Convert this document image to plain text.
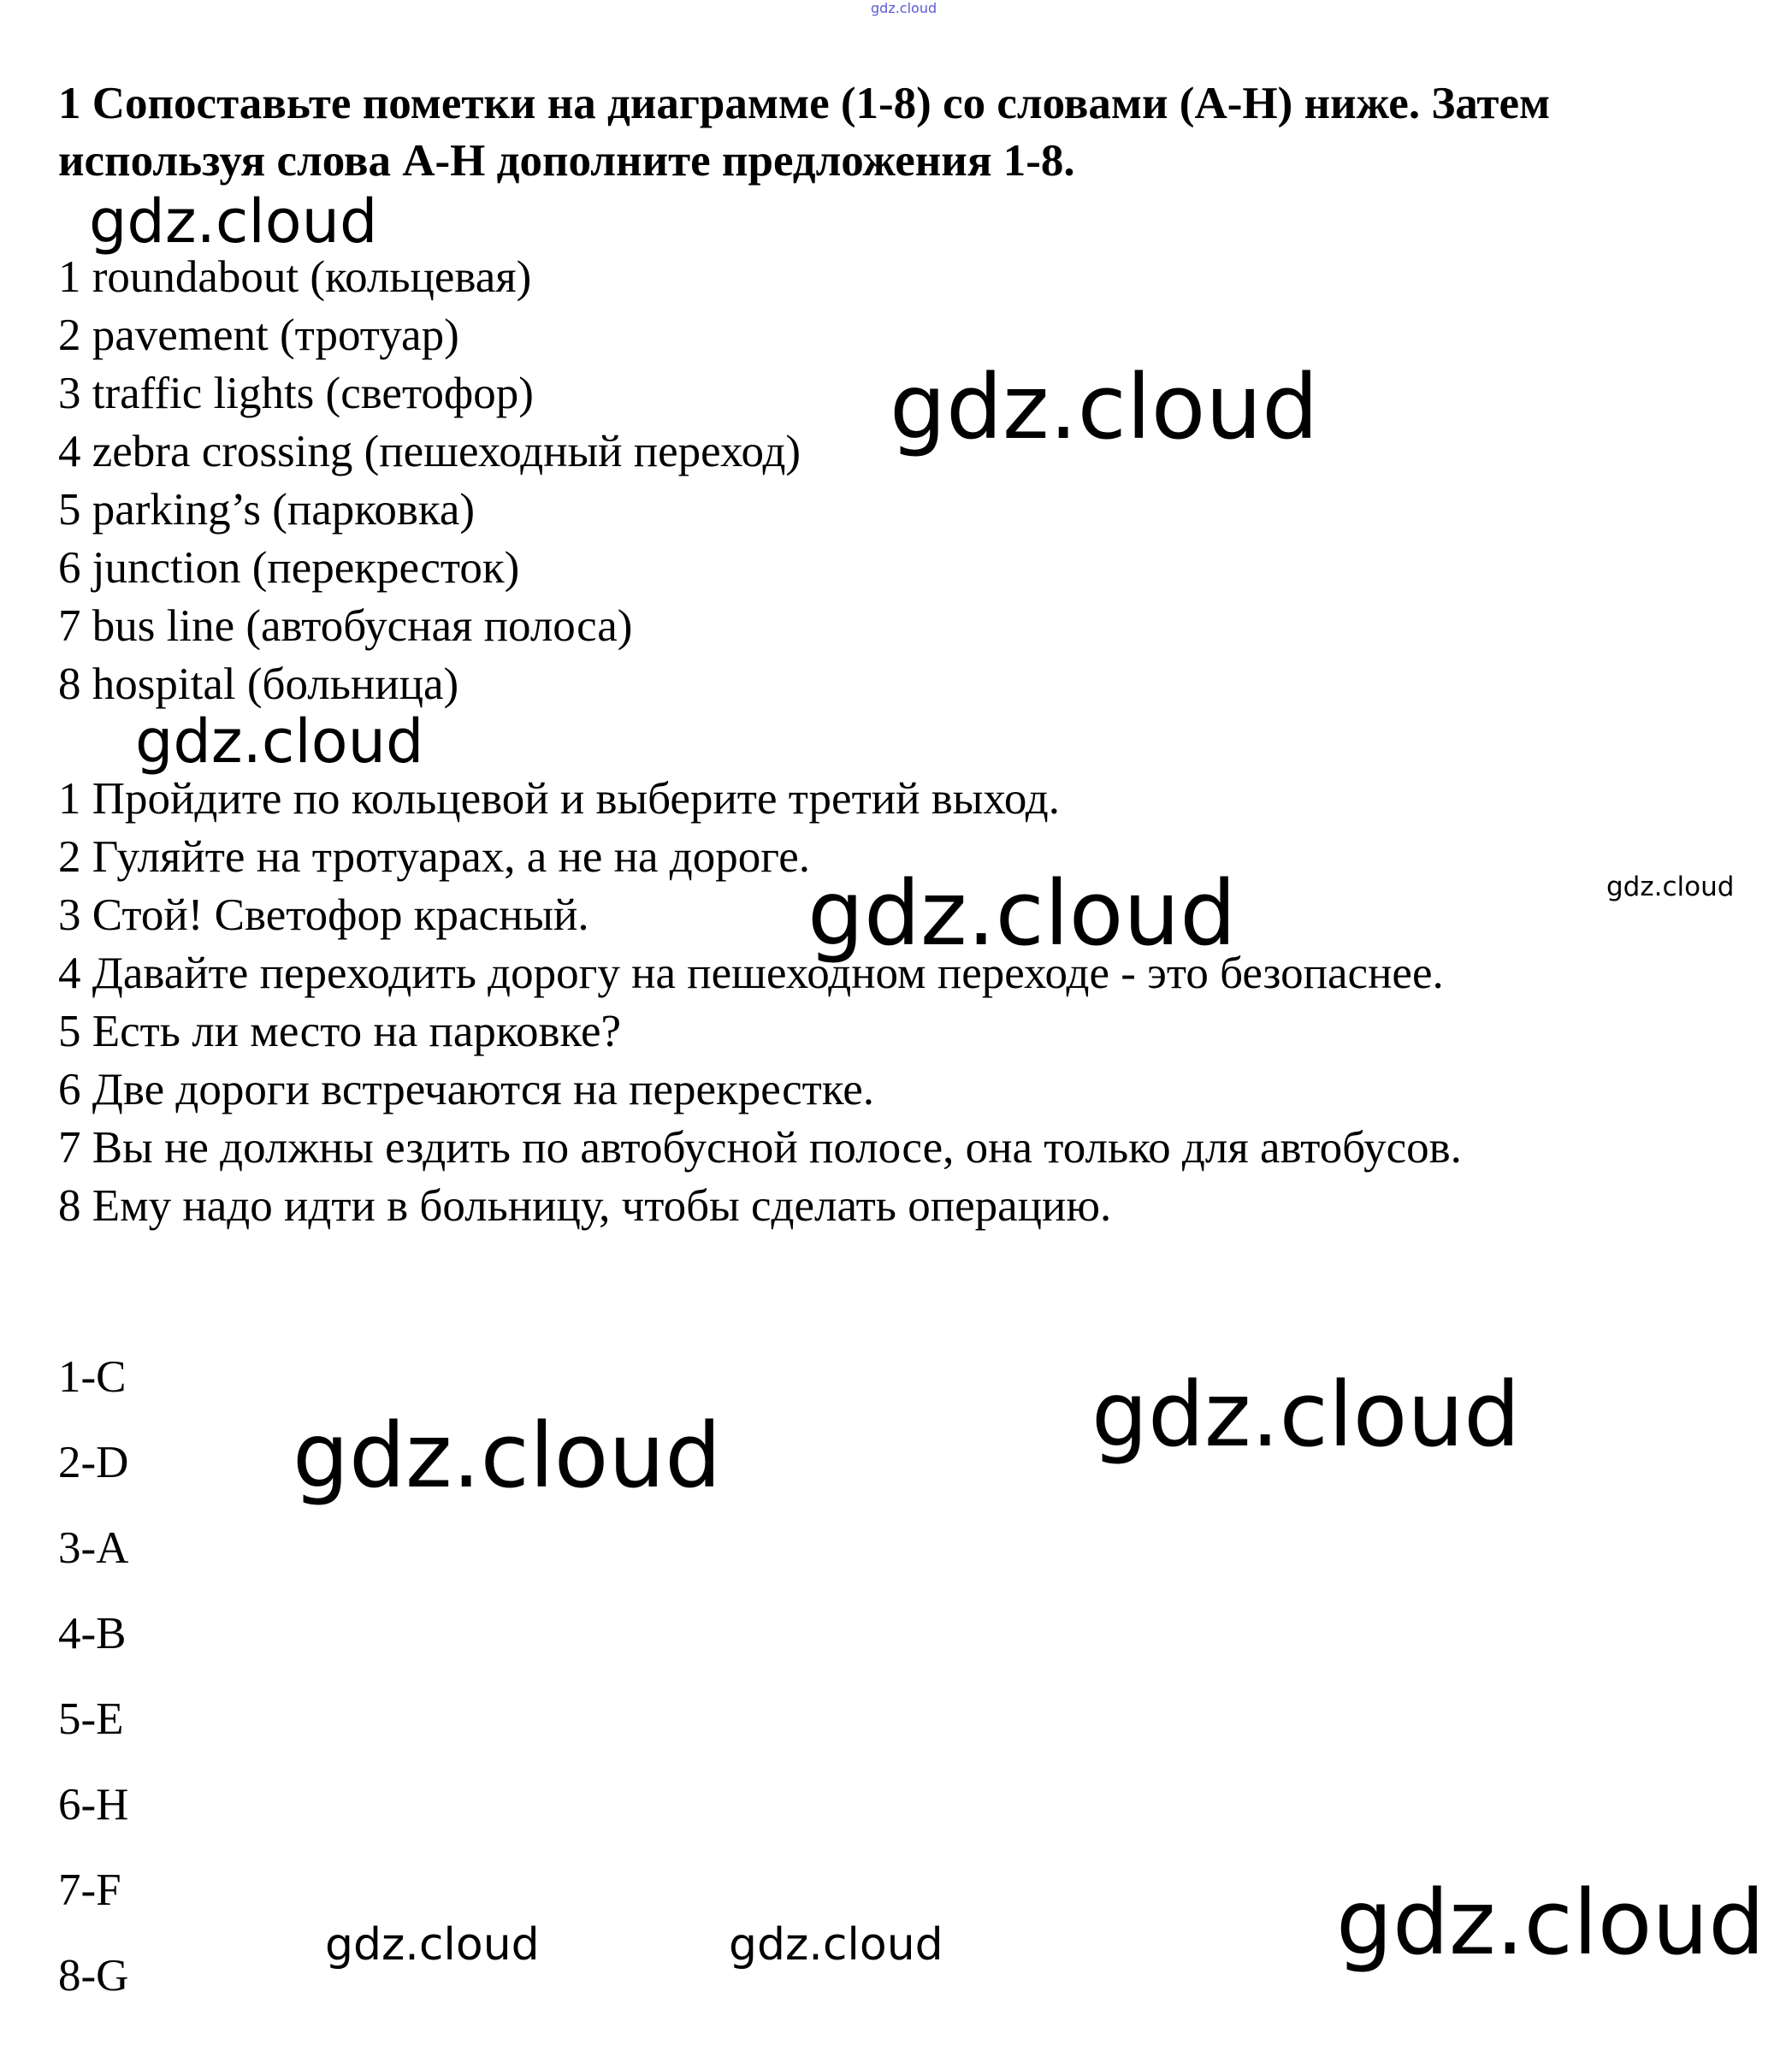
gdz.cloud
1 Сопоставьте пометки на диаграмме (1-8) со словами (A-H) ниже. Затем используя слова A-H дополните предложения 1-8.
1 roundabout (кольцевая)
2 pavement (тротуар)
3 traffic lights (светофор)
4 zebra crossing (пешеходный переход)
5 parking’s (парковка)
6 junction (перекресток)
7 bus line (автобусная полоса)
8 hospital (больница)
1 Пройдите по кольцевой и выберите третий выход.
2 Гуляйте на тротуарах, а не на дороге.
3 Стой! Светофор красный.
4 Давайте переходить дорогу на пешеходном переходе - это безопаснее.
5 Есть ли место на парковке?
6 Две дороги встречаются на перекрестке.
7 Вы не должны ездить по автобусной полосе, она только для автобусов.
8 Ему надо идти в больницу, чтобы сделать операцию.
1-C
2-D
3-A
4-B
5-E
6-H
7-F
8-G
gdz.cloud
gdz.cloud
gdz.cloud
gdz.cloud
gdz.cloud
gdz.cloud
gdz.cloud
gdz.cloud
gdz.cloud	gdz.cloud
